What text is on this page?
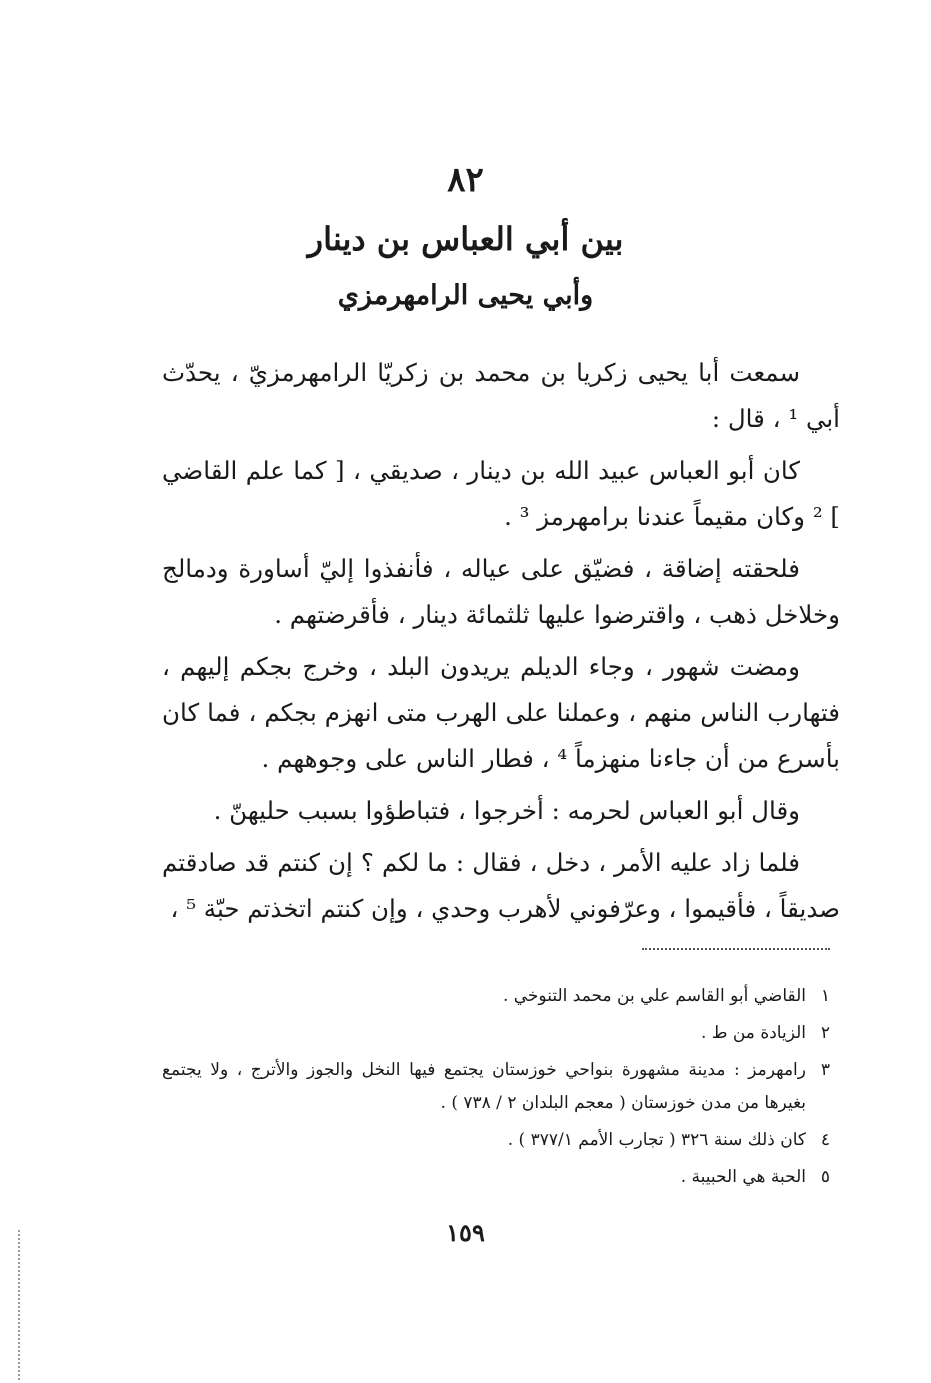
٨٢
بين أبي العباس بن دينار
وأبي يحيى الرامهرمزي

سمعت أبا يحيى زكريا بن محمد بن زكريّا الرامهرمزيّ ، يحدّث أبي ¹ ، قال :

كان أبو العباس عبيد الله بن دينار ، صديقي ، [ كما علم القاضي ] ² وكان مقيماً عندنا برامهرمز ³ .

فلحقته إضاقة ، فضيّق على عياله ، فأنفذوا إليّ أساورة ودمالج وخلاخل ذهب ، واقترضوا عليها ثلثمائة دينار ، فأقرضتهم .

ومضت شهور ، وجاء الديلم يريدون البلد ، وخرج بجكم إليهم ، فتهارب الناس منهم ، وعملنا على الهرب متى انهزم بجكم ، فما كان بأسرع من أن جاءنا منهزماً ⁴ ، فطار الناس على وجوههم .

وقال أبو العباس لحرمه : أخرجوا ، فتباطؤوا بسبب حليهنّ .

فلما زاد عليه الأمر ، دخل ، فقال : ما لكم ؟ إن كنتم قد صادقتم صديقاً ، فأقيموا ، وعرّفوني لأهرب وحدي ، وإن كنتم اتخذتم حبّة ⁵ ،

١
القاضي أبو القاسم علي بن محمد التنوخي .
٢
الزيادة من ط .
٣
رامهرمز : مدينة مشهورة بنواحي خوزستان يجتمع فيها النخل والجوز والأترج ، ولا يجتمع بغيرها من مدن خوزستان ( معجم البلدان ٢ / ٧٣٨ ) .
٤
كان ذلك سنة ٣٢٦ ( تجارب الأمم ٣٧٧/١ ) .
٥
الحبة هي الحبيبة .
١٥٩
